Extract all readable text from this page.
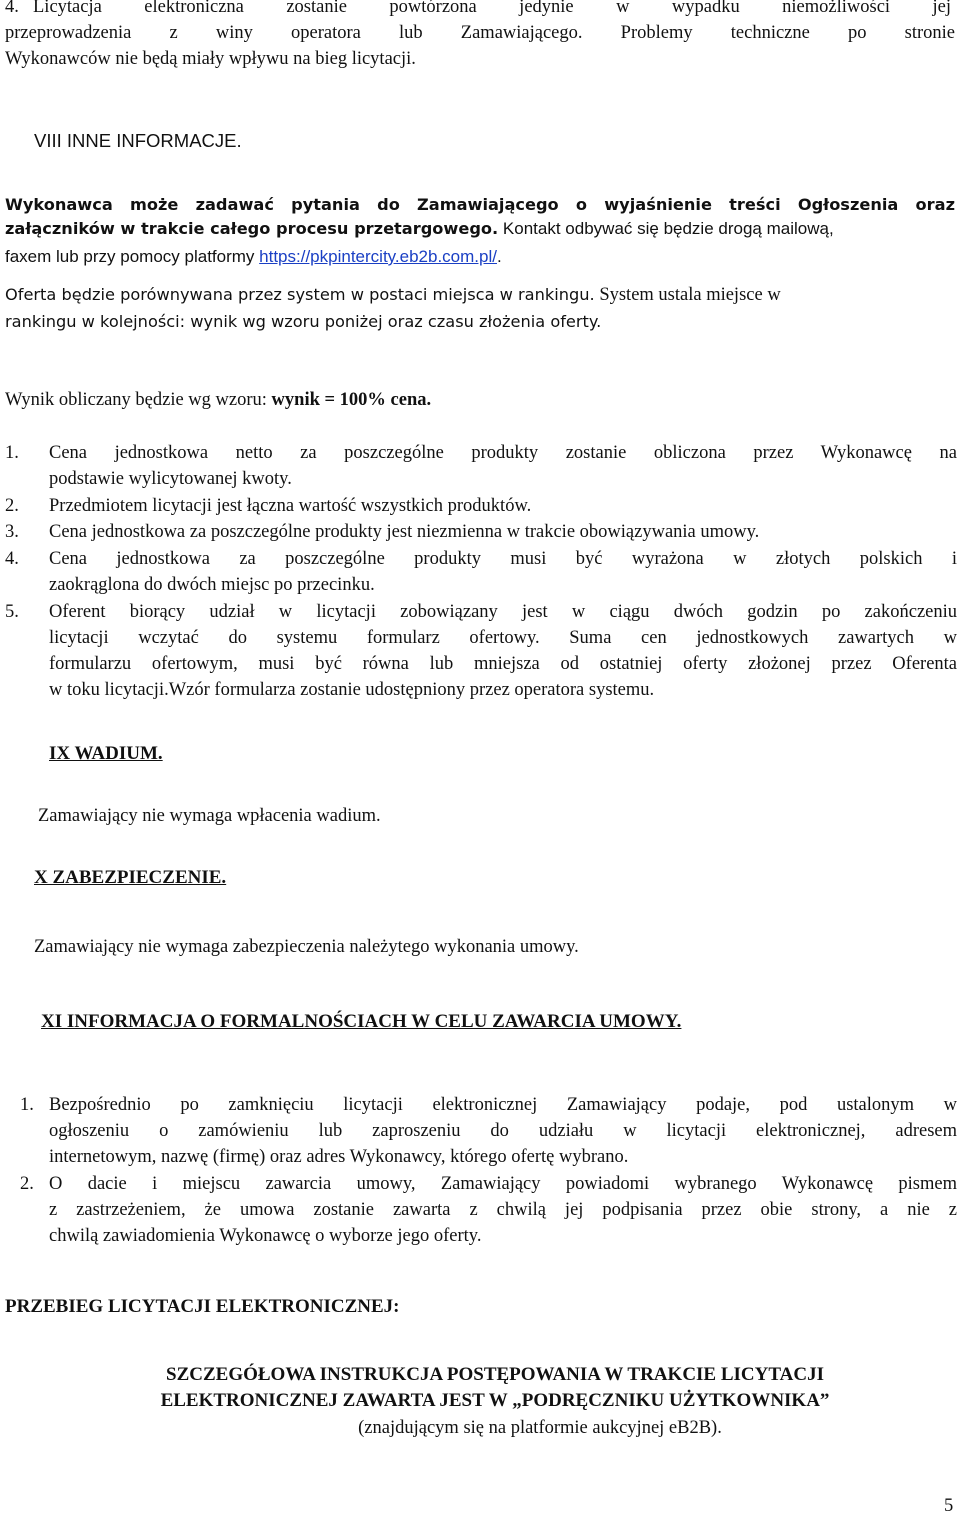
4. Licytacja elektroniczna zostanie powtórzona jedynie w wypadku niemożliwości jej
przeprowadzenia z winy operatora lub Zamawiającego. Problemy techniczne po stronie
Wykonawców nie będą miały wpływu na bieg licytacji.
VIII INNE INFORMACJE.
Wykonawca może zadawać pytania do Zamawiającego o wyjaśnienie treści Ogłoszenia oraz
załączników w trakcie całego procesu przetargowego. Kontakt odbywać się będzie drogą mailową,
faxem lub przy pomocy platformy https://pkpintercity.eb2b.com.pl/.
Oferta będzie porównywana przez system w postaci miejsca w rankingu. System ustala miejsce w
rankingu w kolejności: wynik wg wzoru poniżej oraz czasu złożenia oferty.
Wynik obliczany będzie wg wzoru: wynik = 100% cena.
1. Cena jednostkowa netto za poszczególne produkty zostanie obliczona przez Wykonawcę na
podstawie wylicytowanej kwoty.
2. Przedmiotem licytacji jest łączna wartość wszystkich produktów.
3. Cena jednostkowa za poszczególne produkty jest niezmienna w trakcie obowiązywania umowy.
4. Cena jednostkowa za poszczególne produkty musi być wyrażona w złotych polskich i
zaokrąglona do dwóch miejsc po przecinku.
5. Oferent biorący udział w licytacji zobowiązany jest w ciągu dwóch godzin po zakończeniu
licytacji wczytać do systemu formularz ofertowy. Suma cen jednostkowych zawartych w
formularzu ofertowym, musi być równa lub mniejsza od ostatniej oferty złożonej przez Oferenta
w toku licytacji.Wzór formularza zostanie udostępniony przez operatora systemu.
IX WADIUM.
Zamawiający nie wymaga wpłacenia wadium.
X ZABEZPIECZENIE.
Zamawiający nie wymaga zabezpieczenia należytego wykonania umowy.
XI INFORMACJA O FORMALNOŚCIACH W CELU ZAWARCIA UMOWY.
1. Bezpośrednio po zamknięciu licytacji elektronicznej Zamawiający podaje, pod ustalonym w
ogłoszeniu o zamówieniu lub zaproszeniu do udziału w licytacji elektronicznej, adresem
internetowym, nazwę (firmę) oraz adres Wykonawcy, którego ofertę wybrano.
2. O dacie i miejscu zawarcia umowy, Zamawiający powiadomi wybranego Wykonawcę pismem
z zastrzeżeniem, że umowa zostanie zawarta z chwilą jej podpisania przez obie strony, a nie z
chwilą zawiadomienia Wykonawcę o wyborze jego oferty.
PRZEBIEG LICYTACJI ELEKTRONICZNEJ:
SZCZEGÓŁOWA INSTRUKCJA POSTĘPOWANIA W TRAKCIE LICYTACJI
ELEKTRONICZNEJ ZAWARTA JEST W „PODRĘCZNIKU UŻYTKOWNIKA”
(znajdującym się na platformie aukcyjnej eB2B).
5
